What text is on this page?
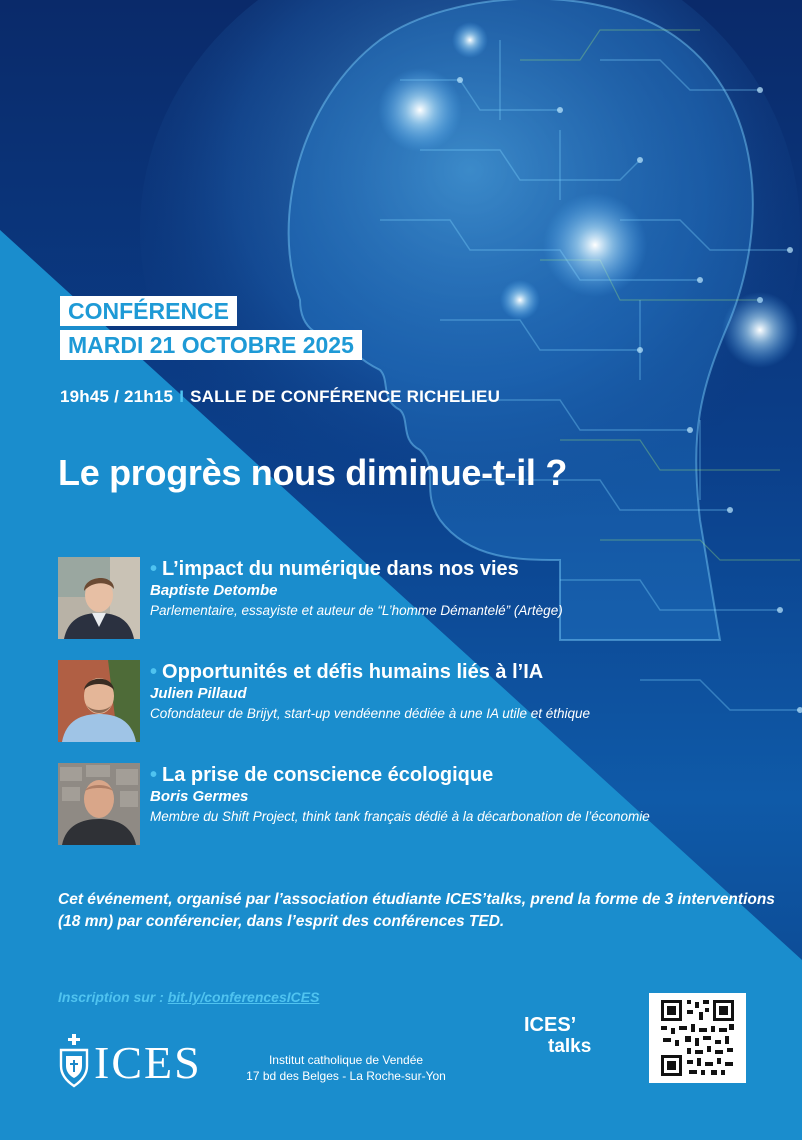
CONFÉRENCE
MARDI 21 OCTOBRE 2025
19h45 / 21h15 I SALLE DE CONFÉRENCE RICHELIEU
Le progrès nous diminue-t-il ?
• L’impact du numérique dans nos vies
Baptiste Detombe
Parlementaire, essayiste et auteur de “L’homme Démantelé” (Artège)
• Opportunités et défis humains liés à l’IA
Julien Pillaud
Cofondateur de Brijyt, start-up vendéenne dédiée à une IA utile et éthique
• La prise de conscience écologique
Boris Germes
Membre du Shift Project, think tank français dédié à la décarbonation de l’économie
Cet événement, organisé par l’association étudiante ICES’talks, prend la forme de 3 interventions (18 mn) par conférencier, dans l’esprit des conférences TED.
Inscription sur : bit.ly/conferencesICES
ICES	Institut catholique de Vendée
17 bd des Belges - La Roche-sur-Yon
ICES’
talks
